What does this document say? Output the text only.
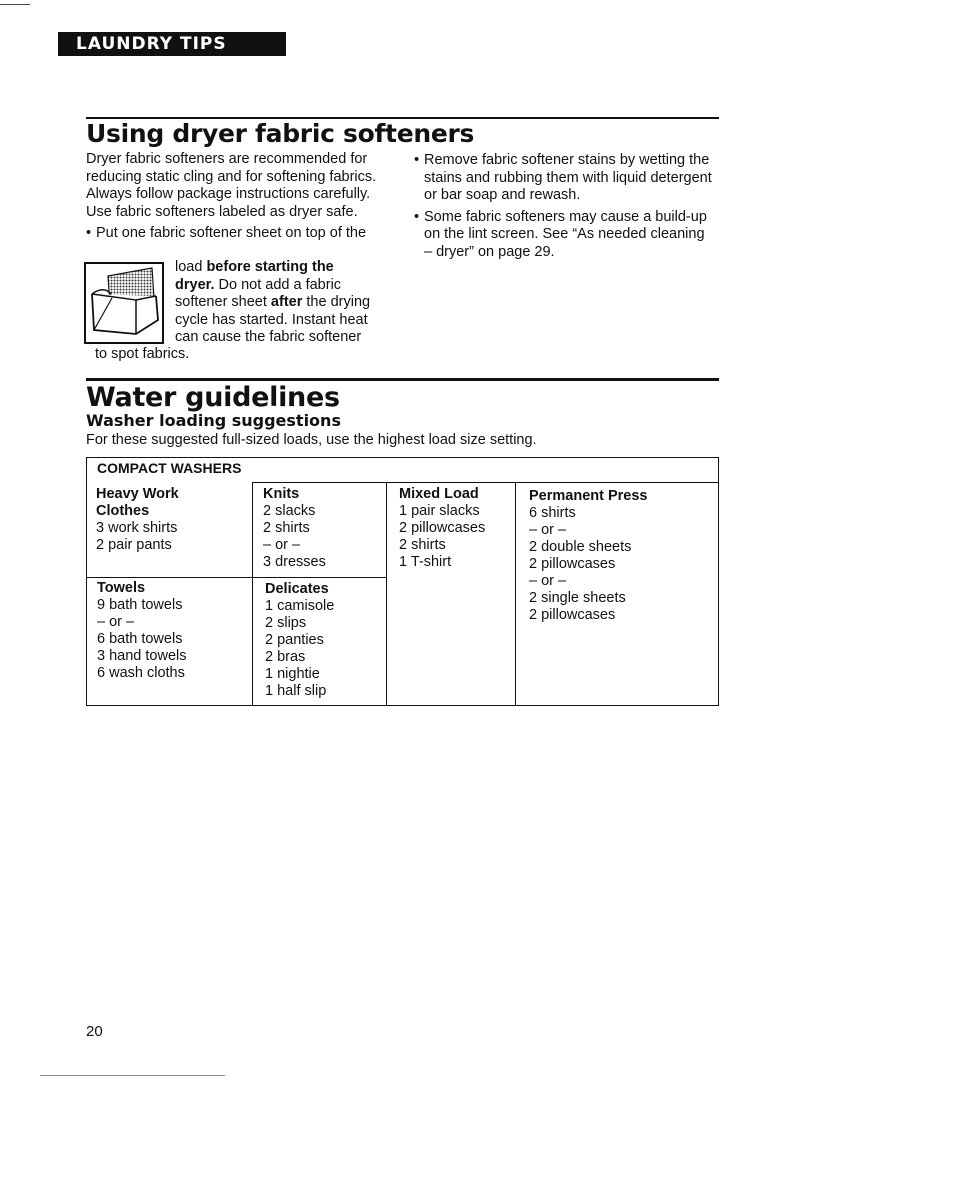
LAUNDRY TIPS
Using dryer fabric softeners

Dryer fabric softeners are recommended for reducing static cling and for softening fabrics. Always follow package instructions carefully. Use fabric softeners labeled as dryer safe.

• Put one fabric softener sheet on top of the
load before starting the
dryer. Do not add a fabric
softener sheet after the drying
cycle has started. Instant heat
can cause the fabric softener
to spot fabrics.
• Remove fabric softener stains by wetting the stains and rubbing them with liquid detergent or bar soap and rewash.
• Some fabric softeners may cause a build-up on the lint screen. See “As needed cleaning – dryer” on page 29.
Water guidelines
Washer loading suggestions
For these suggested full-sized loads, use the highest load size setting.
COMPACT WASHERS
Heavy Work
Clothes
3 work shirts
2 pair pants
Knits
2 slacks
2 shirts
– or –
3 dresses
Mixed Load
1 pair slacks
2 pillowcases
2 shirts
1 T-shirt
Permanent Press
6 shirts
– or –
2 double sheets
2 pillowcases
– or –
2 single sheets
2 pillowcases
Towels
9 bath towels
– or –
6 bath towels
3 hand towels
6 wash cloths
Delicates
1 camisole
2 slips
2 panties
2 bras
1 nightie
1 half slip
20
